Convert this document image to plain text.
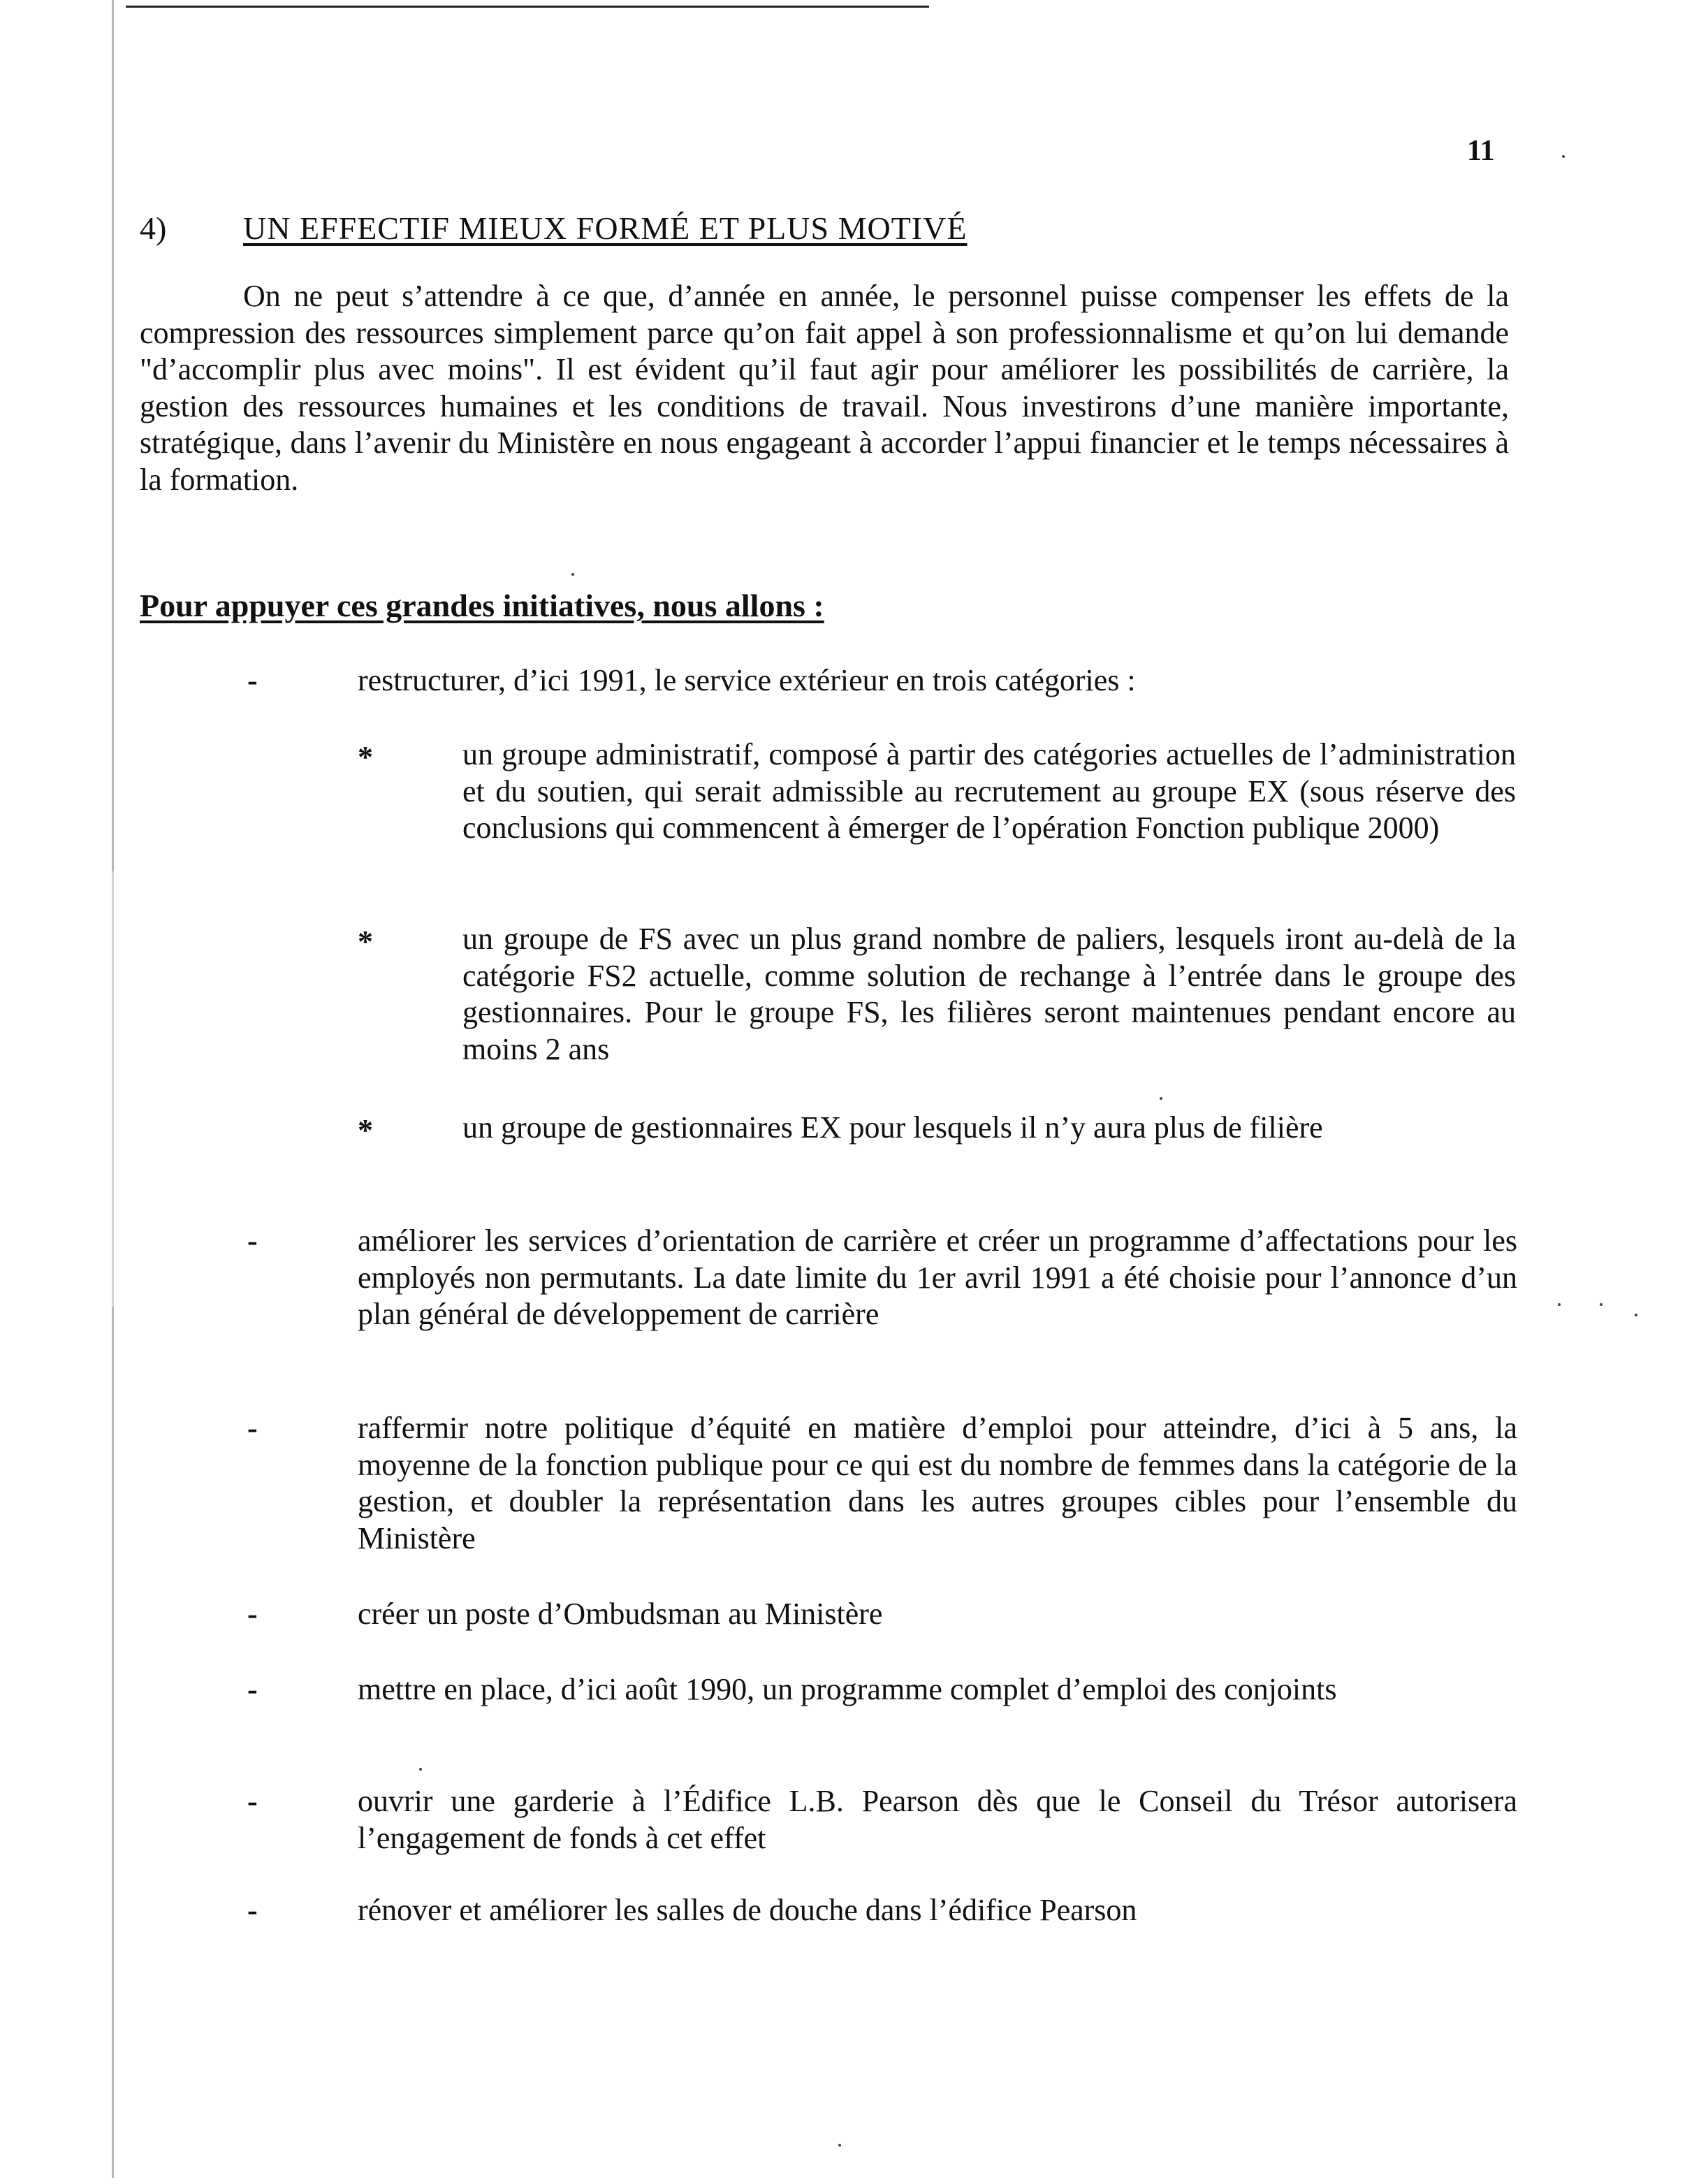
11
4) UN EFFECTIF MIEUX FORMÉ ET PLUS MOTIVÉ

On ne peut s’attendre à ce que, d’année en année, le personnel puisse compenser les effets de la compression des ressources simplement parce qu’on fait appel à son professionnalisme et qu’on lui demande "d’accomplir plus avec moins". Il est évident qu’il faut agir pour améliorer les possibilités de carrière, la gestion des ressources humaines et les conditions de travail. Nous investirons d’une manière importante, stratégique, dans l’avenir du Ministère en nous engageant à accorder l’appui financier et le temps nécessaires à la formation.

Pour appuyer ces grandes initiatives, nous allons :
-	restructurer, d’ici 1991, le service extérieur en trois catégories :
*	un groupe administratif, composé à partir des catégories actuelles de l’administration et du soutien, qui serait admissible au recrutement au groupe EX (sous réserve des conclusions qui commencent à émerger de l’opération Fonction publique 2000)
*	un groupe de FS avec un plus grand nombre de paliers, lesquels iront au-delà de la catégorie FS2 actuelle, comme solution de rechange à l’entrée dans le groupe des gestionnaires. Pour le groupe FS, les filières seront maintenues pendant encore au moins 2 ans
*	un groupe de gestionnaires EX pour lesquels il n’y aura plus de filière
-	améliorer les services d’orientation de carrière et créer un programme d’affectations pour les employés non permutants. La date limite du 1er avril 1991 a été choisie pour l’annonce d’un plan général de développement de carrière
-	raffermir notre politique d’équité en matière d’emploi pour atteindre, d’ici à 5 ans, la moyenne de la fonction publique pour ce qui est du nombre de femmes dans la catégorie de la gestion, et doubler la représentation dans les autres groupes cibles pour l’ensemble du Ministère
-	créer un poste d’Ombudsman au Ministère
-	mettre en place, d’ici août 1990, un programme complet d’emploi des conjoints
-	ouvrir une garderie à l’Édifice L.B. Pearson dès que le Conseil du Trésor autorisera l’engagement de fonds à cet effet
-	rénover et améliorer les salles de douche dans l’édifice Pearson
